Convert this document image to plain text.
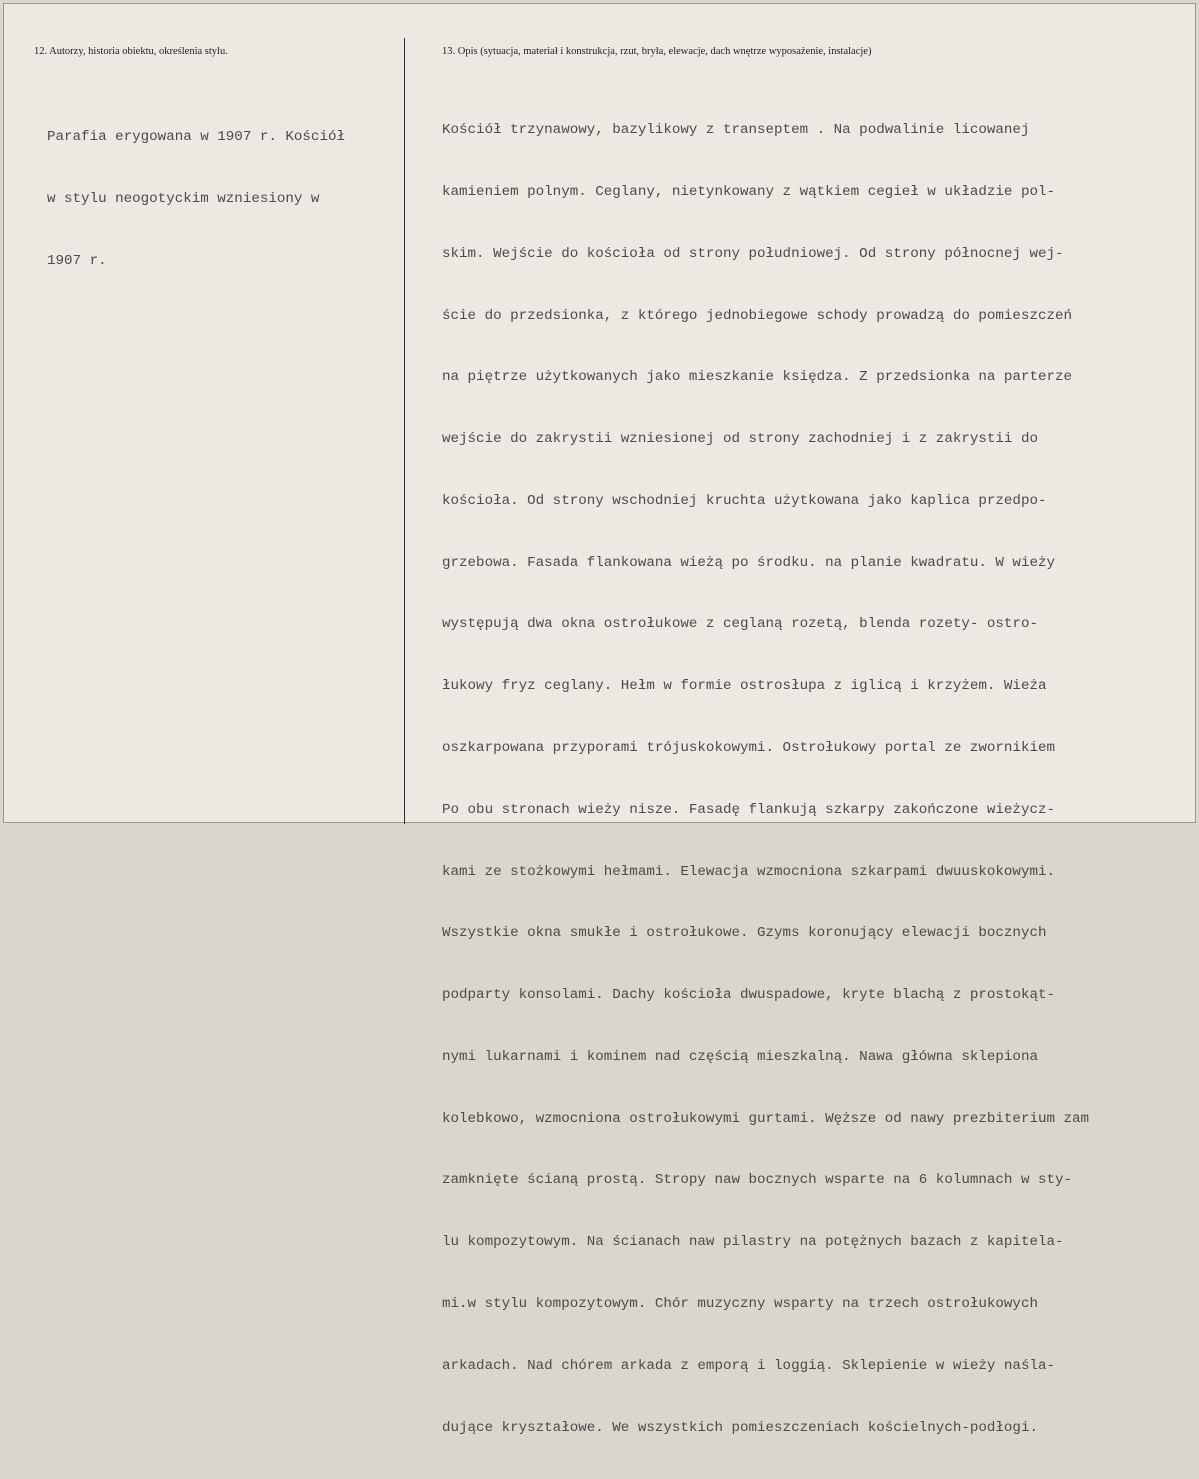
12. Autorzy, historia obiektu, określenia stylu.	13. Opis (sytuacja, materiał i konstrukcja, rzut, bryła, elewacje, dach wnętrze wyposażenie, instalacje)

Parafia erygowana w 1907 r. Kościół

w stylu neogotyckim wzniesiony w

1907 r.

Kościół trzynawowy, bazylikowy z transeptem . Na podwalinie licowanej

kamieniem polnym. Ceglany, nietynkowany z wątkiem cegieł w układzie pol-

skim. Wejście do kościoła od strony południowej. Od strony północnej wej-

ście do przedsionka, z którego jednobiegowe schody prowadzą do pomieszczeń

na piętrze użytkowanych jako mieszkanie księdza. Z przedsionka na parterze

wejście do zakrystii wzniesionej od strony zachodniej i z zakrystii do

kościoła. Od strony wschodniej kruchta użytkowana jako kaplica przedpo-

grzebowa. Fasada flankowana wieżą po środku. na planie kwadratu. W wieży

występują dwa okna ostrołukowe z ceglaną rozetą, blenda rozety- ostro-

łukowy fryz ceglany. Hełm w formie ostrosłupa z iglicą i krzyżem. Wieża

oszkarpowana przyporami trójuskokowymi. Ostrołukowy portal ze zwornikiem

Po obu stronach wieży nisze. Fasadę flankują szkarpy zakończone wieżycz-

kami ze stożkowymi hełmami. Elewacja wzmocniona szkarpami dwuuskokowymi.

Wszystkie okna smukłe i ostrołukowe. Gzyms koronujący elewacji bocznych

podparty konsolami. Dachy kościoła dwuspadowe, kryte blachą z prostokąt-

nymi lukarnami i kominem nad częścią mieszkalną. Nawa główna sklepiona

kolebkowo, wzmocniona ostrołukowymi gurtami. Węższe od nawy prezbiterium zam

zamknięte ścianą prostą. Stropy naw bocznych wsparte na 6 kolumnach w sty-

lu kompozytowym. Na ścianach naw pilastry na potężnych bazach z kapitela-

mi.w stylu kompozytowym. Chór muzyczny wsparty na trzech ostrołukowych

arkadach. Nad chórem arkada z emporą i loggią. Sklepienie w wieży naśla-

dujące kryształowe. We wszystkich pomieszczeniach kościelnych-podłogi.
